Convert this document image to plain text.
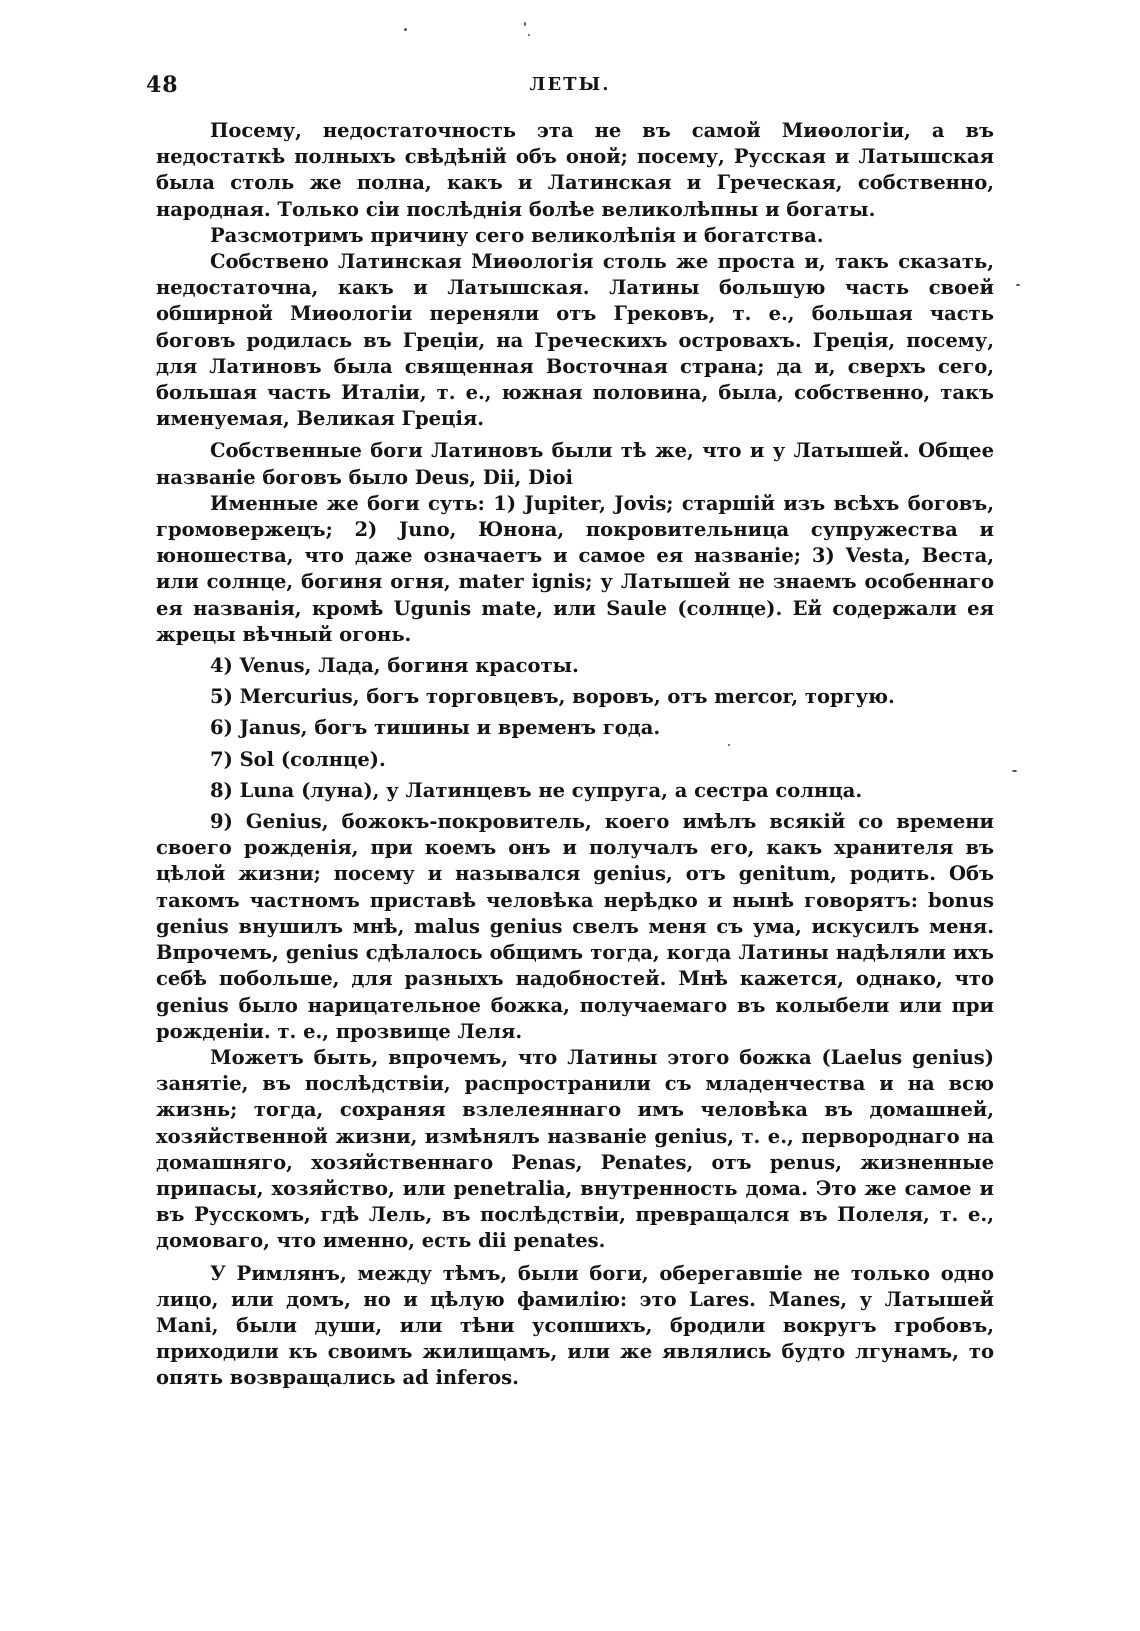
48	ЛЕТЫ.

Посему, недостаточность эта не въ самой Миѳологіи, а въ недостаткѣ полныхъ свѣдѣній объ оной; посему, Русская и Латышская была столь же полна, какъ и Латинская и Греческая, собственно, народная. Только сіи послѣднія болѣе великолѣпны и богаты.

Разсмотримъ причину сего великолѣпія и богатства.

Собствено Латинская Миѳологія столь же проста и, такъ сказать, недостаточна, какъ и Латышская. Латины большую часть своей обширной Миѳологіи переняли отъ Грековъ, т. е., большая часть боговъ родилась въ Греціи, на Греческихъ островахъ. Греція, посему, для Латиновъ была священная Восточная страна; да и, сверхъ сего, большая часть Италіи, т. е., южная половина, была, собственно, такъ именуемая, Великая Греція.

Собственные боги Латиновъ были тѣ же, что и у Латышей. Общее названіе боговъ было Deus, Dii, Dioi

Именные же боги суть: 1) Jupiter, Jovis; старшій изъ всѣхъ боговъ, громовержецъ; 2) Juno, Юнона, покровительница супружества и юношества, что даже означаетъ и самое ея названіе; 3) Vesta, Веста, или солнце, богиня огня, mater ignis; у Латышей не знаемъ особеннаго ея названія, кромѣ Ugunis mate, или Saule (солнце). Ей содержали ея жрецы вѣчный огонь.

4) Venus, Лада, богиня красоты.

5) Mercurius, богъ торговцевъ, воровъ, отъ mercor, торгую.

6) Janus, богъ тишины и временъ года.

7) Sol (солнце).

8) Luna (луна), у Латинцевъ не супруга, а сестра солнца.

9) Genius, божокъ-покровитель, коего имѣлъ всякій со времени своего рожденія, при коемъ онъ и получалъ его, какъ хранителя въ цѣлой жизни; посему и назывался genius, отъ genitum, родить. Объ такомъ частномъ приставѣ человѣка нерѣдко и нынѣ говорятъ: bonus genius внушилъ мнѣ, malus genius свелъ меня съ ума, искусилъ меня. Впрочемъ, genius сдѣлалось общимъ тогда, когда Латины надѣляли ихъ себѣ побольше, для разныхъ надобностей. Мнѣ кажется, однако, что genius было нарицательное божка, получаемаго въ колыбели или при рожденіи. т. е., прозвище Леля.

Можетъ быть, впрочемъ, что Латины этого божка (Laelus genius) занятіе, въ послѣдствіи, распространили съ младенчества и на всю жизнь; тогда, сохраняя взлелеяннаго имъ человѣка въ домашней, хозяйственной жизни, измѣнялъ названіе genius, т. е., первороднаго на домашняго, хозяйственнаго Penas, Penates, отъ penus, жизненные припасы, хозяйство, или penetralia, внутренность дома. Это же самое и въ Русскомъ, гдѣ Лель, въ послѣдствіи, превращался въ Полеля, т. е., домоваго, что именно, есть dii penates.

У Римлянъ, между тѣмъ, были боги, оберегавшіе не только одно лицо, или домъ, но и цѣлую фамилію: это Lares. Manes, у Латышей Mani, были души, или тѣни усопшихъ, бродили вокругъ гробовъ, приходили къ своимъ жилищамъ, или же являлись будто лгунамъ, то опять возвращались ad inferos.
